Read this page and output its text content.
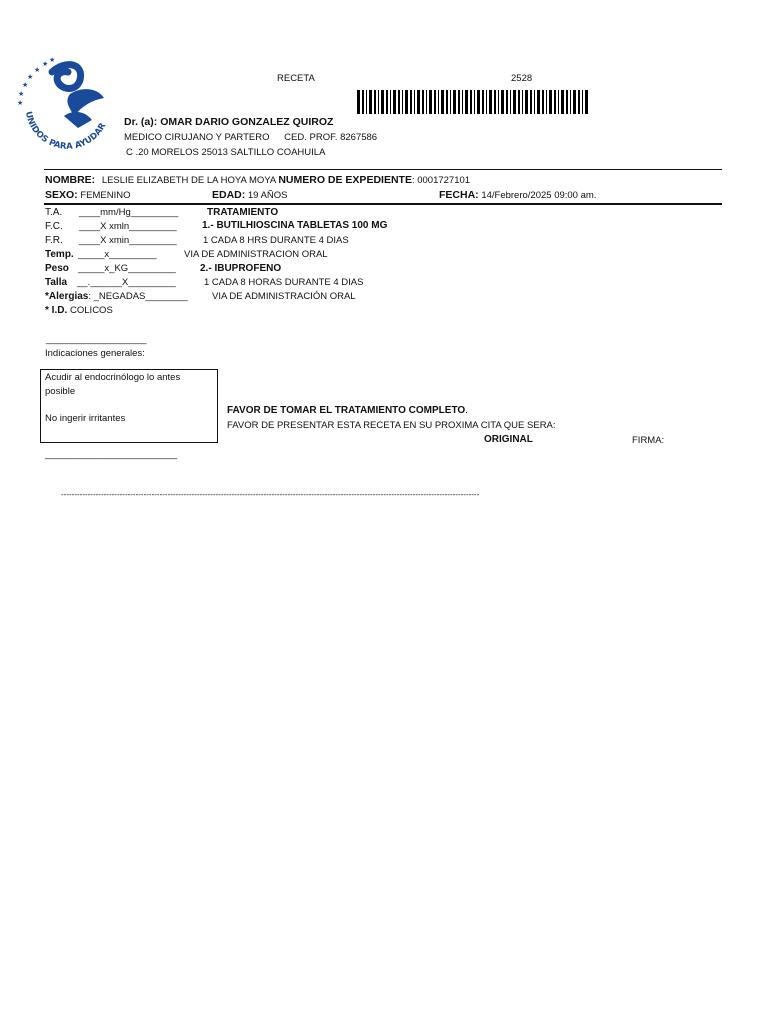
★
★
★
★
★
★
★
UNIDOS PARA AYUDAR
RECETA	2528
Dr. (a): OMAR DARIO GONZALEZ QUIROZ
MEDICO CIRUJANO Y PARTERO CED. PROF. 8267586
C .20 MORELOS 25013 SALTILLO COAHUILA
NOMBRE: LESLIE ELIZABETH DE LA HOYA MOYA NUMERO DE EXPEDIENTE: 0001727101
SEXO: FEMENINO	EDAD: 19 AÑOS	FECHA: 14/Febrero/2025 09:00 am.
T.A. ____mm/Hg_________
F.C. ____X xmln_________
F.R. ____X xmin_________
Temp. _____x_________
Peso _____x_KG_________
Talla __.______X_________
*Alergias: _NEGADAS________
* I.D. COLICOS
TRATAMIENTO
1.- BUTILHIOSCINA TABLETAS 100 MG
1 CADA 8 HRS DURANTE 4 DIAS
VIA DE ADMINISTRACION ORAL
2.- IBUPROFENO
1 CADA 8 HORAS DURANTE 4 DIAS
VIA DE ADMINISTRACIÓN ORAL
___________________
Indicaciones generales:
Acudir al endocrinólogo lo antes
posible
No ingerir irritantes
_________________________
FAVOR DE TOMAR EL TRATAMIENTO COMPLETO.
FAVOR DE PRESENTAR ESTA RECETA EN SU PROXIMA CITA QUE SERA:
ORIGINAL	FIRMA:
-------------------------------------------------------------------------------------------------------------------------------------------------------------
